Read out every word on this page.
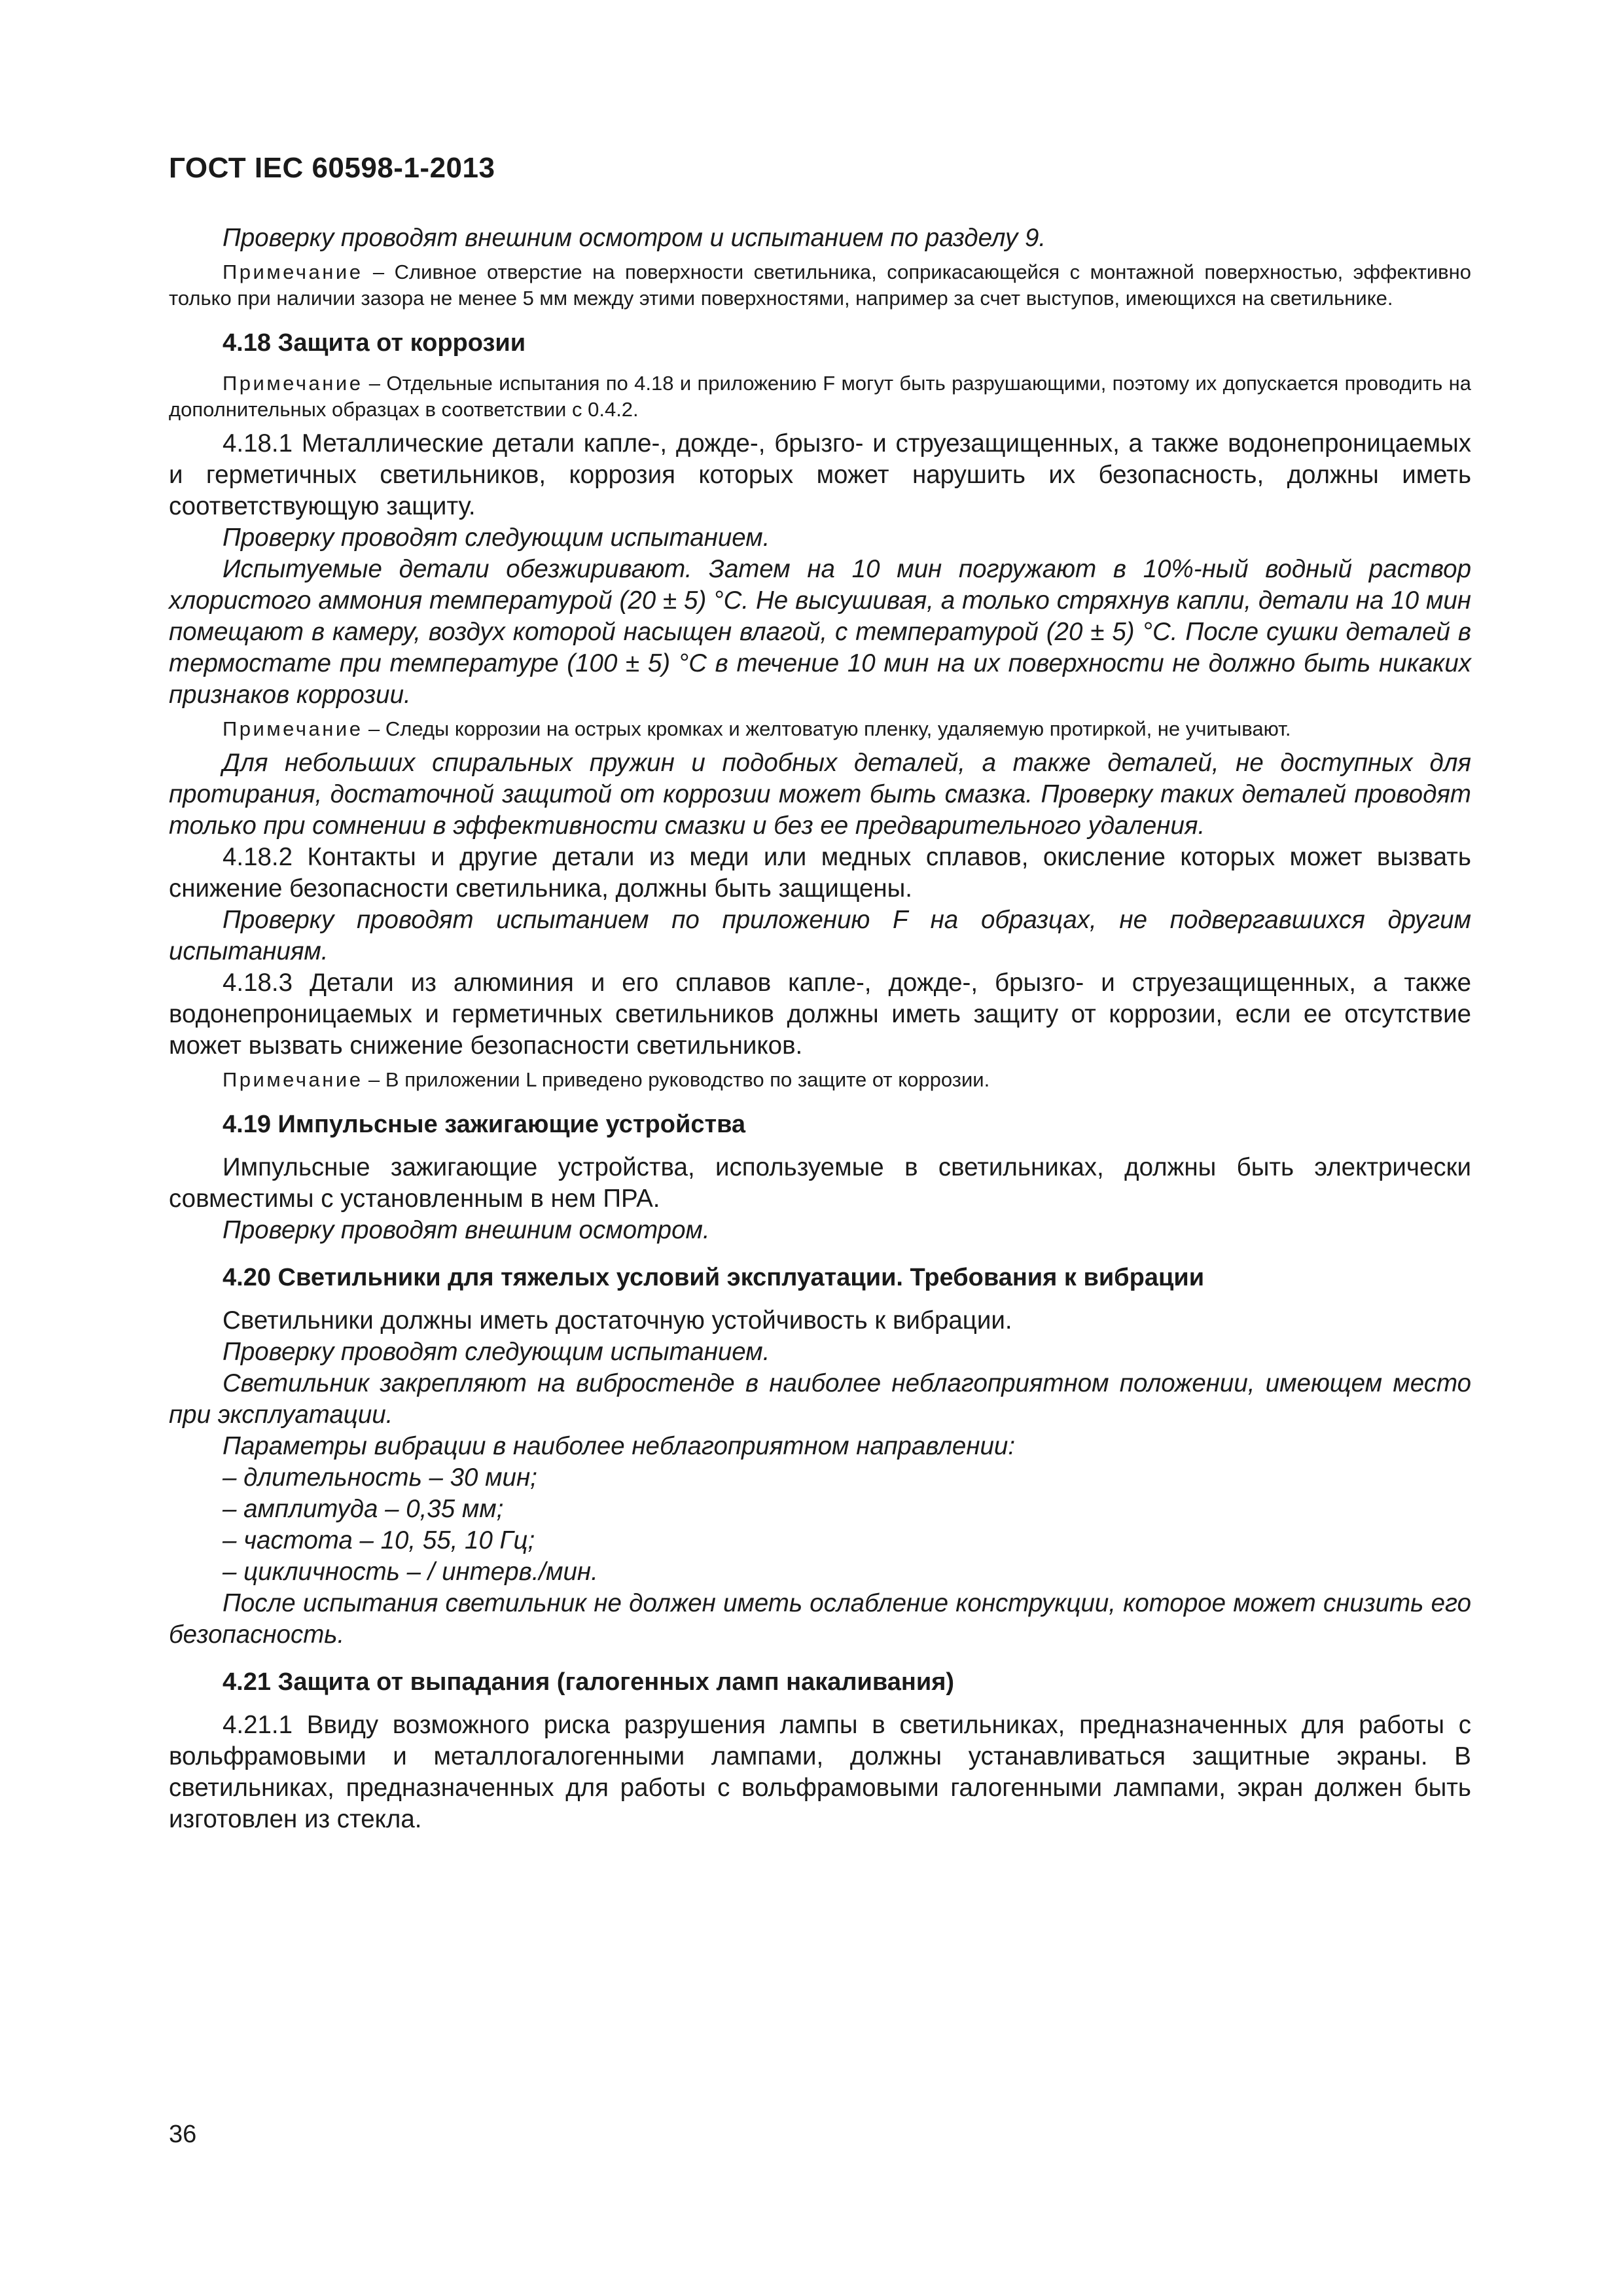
ГОСТ IEC 60598-1-2013

Проверку проводят внешним осмотром и испытанием по разделу 9.

Примечание – Сливное отверстие на поверхности светильника, соприкасающейся с монтажной поверхностью, эффективно только при наличии зазора не менее 5 мм между этими поверхностями, например за счет выступов, имеющихся на светильнике.

4.18 Защита от коррозии

Примечание – Отдельные испытания по 4.18 и приложению F могут быть разрушающими, поэтому их допускается проводить на дополнительных образцах в соответствии с 0.4.2.

4.18.1 Металлические детали капле-, дожде-, брызго- и струезащищенных, а также водонепроницаемых и герметичных светильников, коррозия которых может нарушить их безопасность, должны иметь соответствующую защиту.

Проверку проводят следующим испытанием.

Испытуемые детали обезжиривают. Затем на 10 мин погружают в 10%-ный водный раствор хлористого аммония температурой (20 ± 5) °С. Не высушивая, а только стряхнув капли, детали на 10 мин помещают в камеру, воздух которой насыщен влагой, с температурой (20 ± 5) °С. После сушки деталей в термостате при температуре (100 ± 5) °С в течение 10 мин на их поверхности не должно быть никаких признаков коррозии.

Примечание – Следы коррозии на острых кромках и желтоватую пленку, удаляемую протиркой, не учитывают.

Для небольших спиральных пружин и подобных деталей, а также деталей, не доступных для протирания, достаточной защитой от коррозии может быть смазка. Проверку таких деталей проводят только при сомнении в эффективности смазки и без ее предварительного удаления.

4.18.2 Контакты и другие детали из меди или медных сплавов, окисление которых может вызвать снижение безопасности светильника, должны быть защищены.

Проверку проводят испытанием по приложению F на образцах, не подвергавшихся другим испытаниям.

4.18.3 Детали из алюминия и его сплавов капле-, дожде-, брызго- и струезащищенных, а также водонепроницаемых и герметичных светильников должны иметь защиту от коррозии, если ее отсутствие может вызвать снижение безопасности светильников.

Примечание – В приложении L приведено руководство по защите от коррозии.

4.19 Импульсные зажигающие устройства

Импульсные зажигающие устройства, используемые в светильниках, должны быть электрически совместимы с установленным в нем ПРА.

Проверку проводят внешним осмотром.

4.20 Светильники для тяжелых условий эксплуатации. Требования к вибрации

Светильники должны иметь достаточную устойчивость к вибрации.

Проверку проводят следующим испытанием.

Светильник закрепляют на вибростенде в наиболее неблагоприятном положении, имеющем место при эксплуатации.

Параметры вибрации в наиболее неблагоприятном направлении:

– длительность – 30 мин;

– амплитуда – 0,35 мм;

– частота – 10, 55, 10 Гц;

– цикличность – / интерв./мин.

После испытания светильник не должен иметь ослабление конструкции, которое может снизить его безопасность.

4.21 Защита от выпадания (галогенных ламп накаливания)

4.21.1 Ввиду возможного риска разрушения лампы в светильниках, предназначенных для работы с вольфрамовыми и металлогалогенными лампами, должны устанавливаться защитные экраны. В светильниках, предназначенных для работы с вольфрамовыми галогенными лампами, экран должен быть изготовлен из стекла.

36
